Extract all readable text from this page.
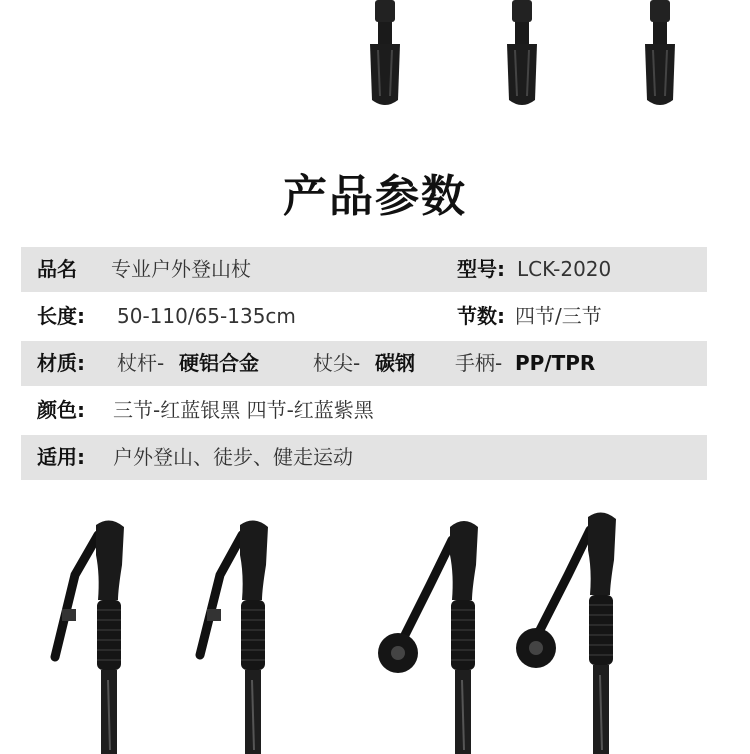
产品参数
品名 专业户外登山杖	型号: LCK-2020
长度: 50-110/65-135cm	节数: 四节/三节
材质: 杖杆- 硬铝合金	杖尖- 碳钢 手柄- PP/TPR
颜色: 三节-红蓝银黑 四节-红蓝紫黑
适用: 户外登山、徒步、健走运动
